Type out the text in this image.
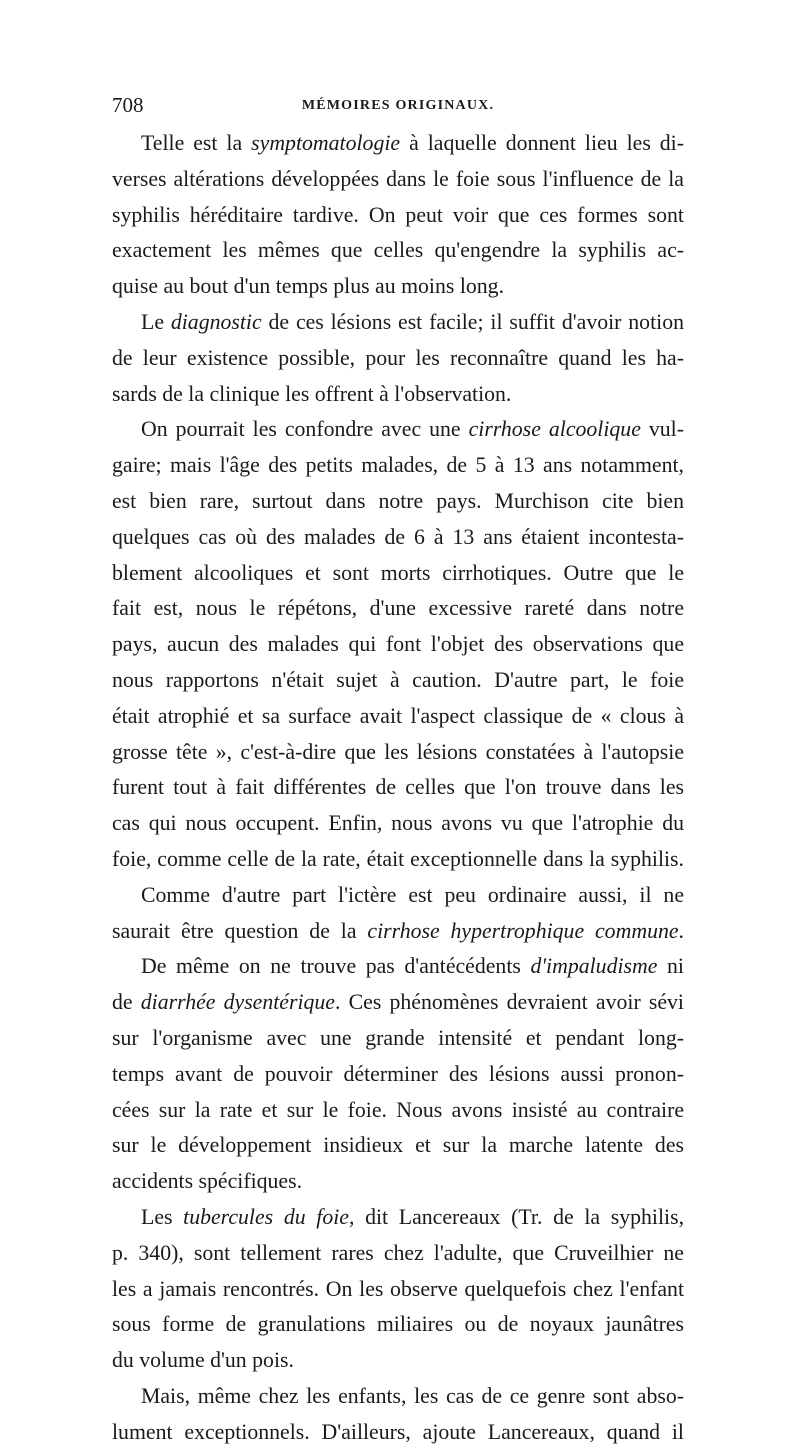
708	MÉMOIRES ORIGINAUX.
Telle est la symptomatologie à laquelle donnent lieu les di-
verses altérations développées dans le foie sous l'influence de la
syphilis héréditaire tardive. On peut voir que ces formes sont
exactement les mêmes que celles qu'engendre la syphilis ac-
quise au bout d'un temps plus au moins long.
Le diagnostic de ces lésions est facile; il suffit d'avoir notion
de leur existence possible, pour les reconnaître quand les ha-
sards de la clinique les offrent à l'observation.
On pourrait les confondre avec une cirrhose alcoolique vul-
gaire; mais l'âge des petits malades, de 5 à 13 ans notamment,
est bien rare, surtout dans notre pays. Murchison cite bien
quelques cas où des malades de 6 à 13 ans étaient incontesta-
blement alcooliques et sont morts cirrhotiques. Outre que le
fait est, nous le répétons, d'une excessive rareté dans notre
pays, aucun des malades qui font l'objet des observations que
nous rapportons n'était sujet à caution. D'autre part, le foie
était atrophié et sa surface avait l'aspect classique de « clous à
grosse tête », c'est-à-dire que les lésions constatées à l'autopsie
furent tout à fait différentes de celles que l'on trouve dans les
cas qui nous occupent. Enfin, nous avons vu que l'atrophie du
foie, comme celle de la rate, était exceptionnelle dans la syphilis.
Comme d'autre part l'ictère est peu ordinaire aussi, il ne
saurait être question de la cirrhose hypertrophique commune.
De même on ne trouve pas d'antécédents d'impaludisme ni
de diarrhée dysentérique. Ces phénomènes devraient avoir sévi
sur l'organisme avec une grande intensité et pendant long-
temps avant de pouvoir déterminer des lésions aussi pronon-
cées sur la rate et sur le foie. Nous avons insisté au contraire
sur le développement insidieux et sur la marche latente des
accidents spécifiques.
Les tubercules du foie, dit Lancereaux (Tr. de la syphilis,
p. 340), sont tellement rares chez l'adulte, que Cruveilhier ne
les a jamais rencontrés. On les observe quelquefois chez l'enfant
sous forme de granulations miliaires ou de noyaux jaunâtres
du volume d'un pois.
Mais, même chez les enfants, les cas de ce genre sont abso-
lument exceptionnels. D'ailleurs, ajoute Lancereaux, quand il
